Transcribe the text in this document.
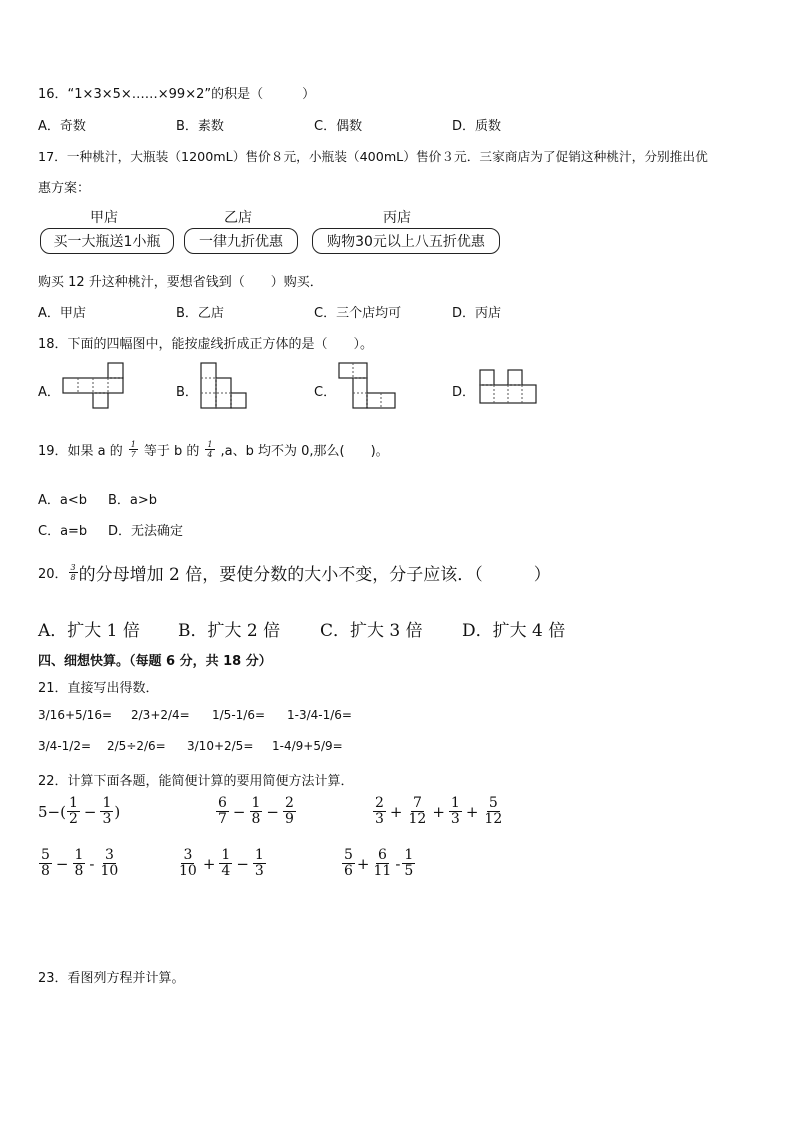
16．“1×3×5×……×99×2”的积是（　　　）
A．奇数	B．素数	C．偶数	D．质数
17．一种桃汁，大瓶装（1200mL）售价８元，小瓶装（400mL）售价３元．三家商店为了促销这种桃汁，分别推出优
惠方案：
甲店	乙店	丙店
买一大瓶送1小瓶	一律九折优惠	购物30元以上八五折优惠
购买 12 升这种桃汁，要想省钱到（　　）购买．
A．甲店	B．乙店	C．三个店均可	D．丙店
18．下面的四幅图中，能按虚线折成正方体的是（　　）。
A．	B．	C．	D．
19．如果 a 的 $\frac{1}{7}$ 等于 b 的 $\frac{1}{4} ,a$、b 均不为 0,那么(　　)。
A．a<b B．a>b
C．a=b D．无法确定
20． $\frac{3}{8}$ 的分母增加 2 倍，要使分数的大小不变，分子应该．（　　　）
A．扩大 1 倍 B．扩大 2 倍 C．扩大 3 倍 D．扩大 4 倍
四、细想快算。（每题 6 分，共 18 分）
21．直接写出得数．
3/16+5/16= 2/3+2/4= 1/5-1/6= 1-3/4-1/6=
3/4-1/2= 2/5÷2/6= 3/10+2/5= 1-4/9+5/9=
22．计算下面各题，能简便计算的要用简便方法计算．
$5-( \frac{1}{2} - \frac{1}{3}$ )	$\frac{6}{7} - \frac{1}{8} - \frac{2}{9}$	$\frac{2}{3} + \frac{7}{12} + \frac{1}{3} + \frac{5}{12}$
$\frac{5}{8} - \frac{1}{8} - \frac{3}{10}$	$\frac{3}{10} + \frac{1}{4} - \frac{1}{3}$	$\frac{5}{6} + \frac{6}{11} - \frac{1}{5}$
23．看图列方程并计算。
